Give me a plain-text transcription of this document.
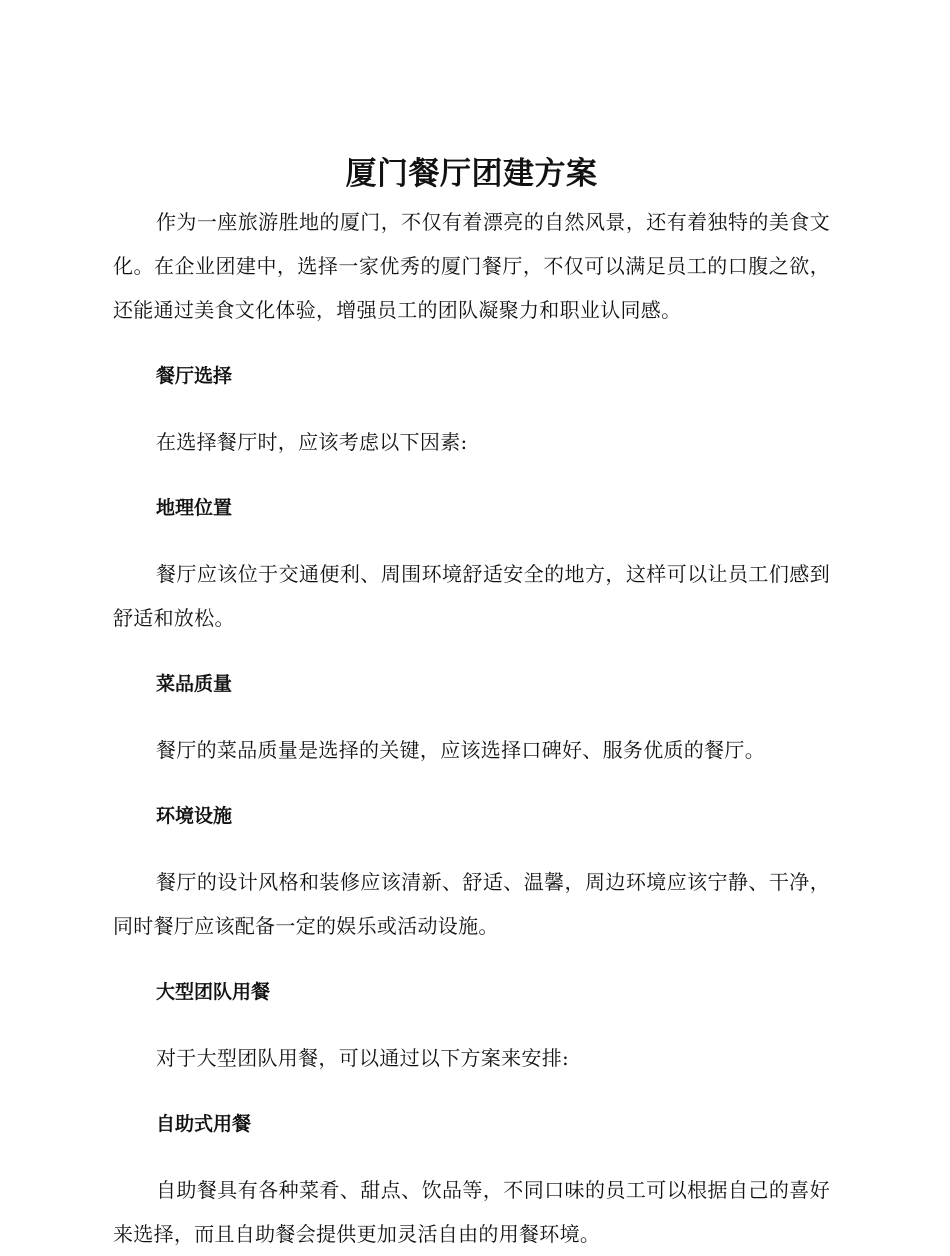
厦门餐厅团建方案

作为一座旅游胜地的厦门，不仅有着漂亮的自然风景，还有着独特的美食文化。在企业团建中，选择一家优秀的厦门餐厅，不仅可以满足员工的口腹之欲，还能通过美食文化体验，增强员工的团队凝聚力和职业认同感。

餐厅选择

在选择餐厅时，应该考虑以下因素:

地理位置

餐厅应该位于交通便利、周围环境舒适安全的地方，这样可以让员工们感到舒适和放松。

菜品质量

餐厅的菜品质量是选择的关键，应该选择口碑好、服务优质的餐厅。

环境设施

餐厅的设计风格和装修应该清新、舒适、温馨，周边环境应该宁静、干净，同时餐厅应该配备一定的娱乐或活动设施。

大型团队用餐

对于大型团队用餐，可以通过以下方案来安排:

自助式用餐

自助餐具有各种菜肴、甜点、饮品等，不同口味的员工可以根据自己的喜好来选择，而且自助餐会提供更加灵活自由的用餐环境。
